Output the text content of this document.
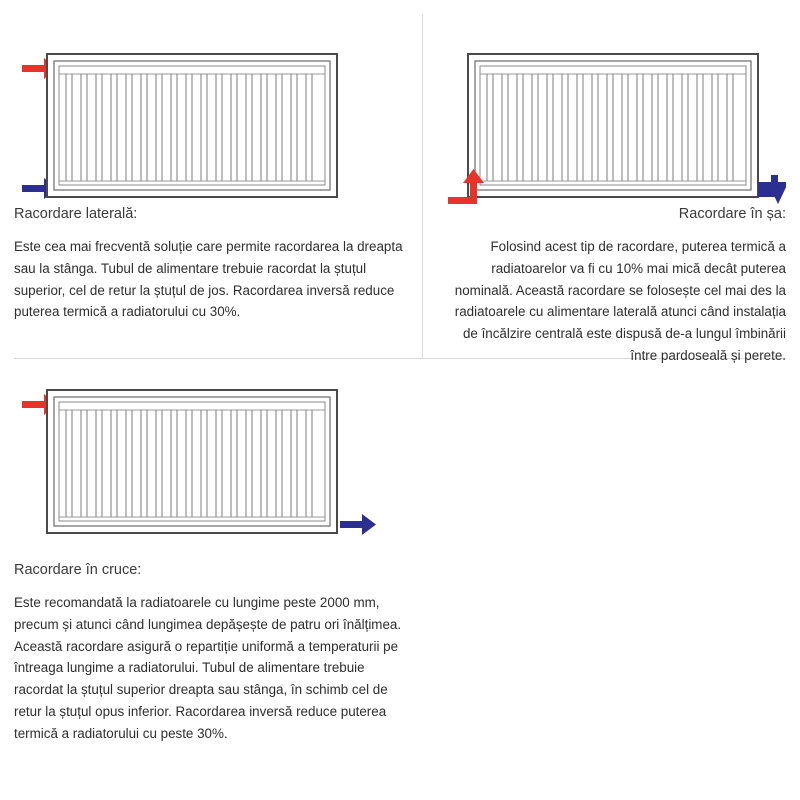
Racordare laterală:

Este cea mai frecventă soluție care permite racordarea la dreapta sau la stânga. Tubul de alimentare trebuie racordat la ștuțul superior, cel de retur la ștuțul de jos. Racordarea inversă reduce puterea termică a radiatorului cu 30%.

Racordare în șa:

Folosind acest tip de racordare, puterea termică a radiatoarelor va fi cu 10% mai mică decât puterea nominală. Această racordare se folosește cel mai des la radiatoarele cu alimentare laterală atunci când instalația de încălzire centrală este dispusă de-a lungul îmbinării între pardoseală și perete.

Racordare în cruce:

Este recomandată la radiatoarele cu lungime peste 2000 mm, precum și atunci când lungimea depășește de patru ori înălțimea. Această racordare asigură o repartiție uniformă a temperaturii pe întreaga lungime a radiatorului. Tubul de alimentare trebuie racordat la ștuțul superior dreapta sau stânga, în schimb cel de retur la ștuțul opus inferior. Racordarea inversă reduce puterea termică a radiatorului cu peste 30%.
